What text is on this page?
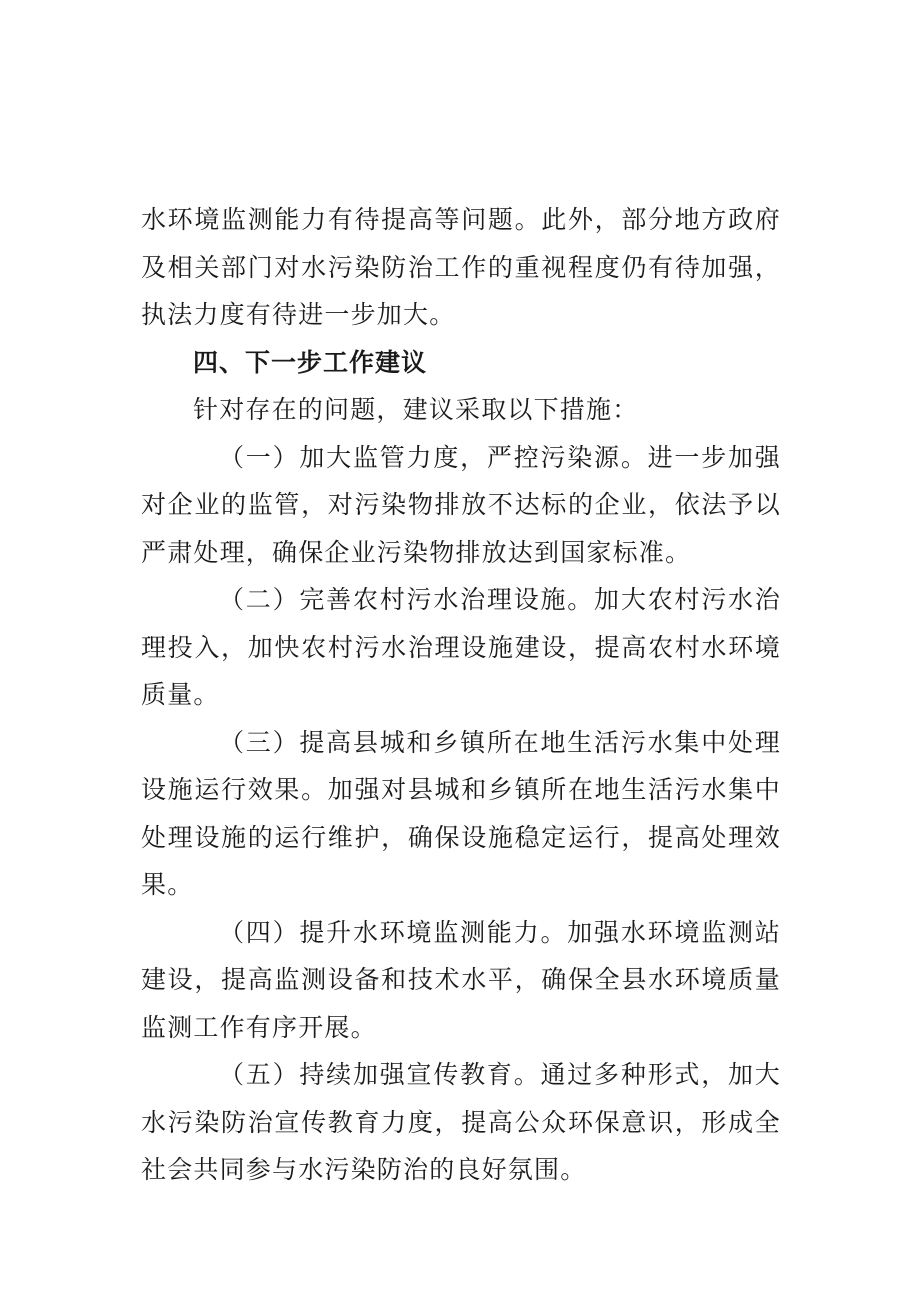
水环境监测能力有待提高等问题。此外，部分地方政府及相关部门对水污染防治工作的重视程度仍有待加强，执法力度有待进一步加大。

四、下一步工作建议

针对存在的问题，建议采取以下措施：

（一）加大监管力度，严控污染源。进一步加强对企业的监管，对污染物排放不达标的企业，依法予以严肃处理，确保企业污染物排放达到国家标准。

（二）完善农村污水治理设施。加大农村污水治理投入，加快农村污水治理设施建设，提高农村水环境质量。

（三）提高县城和乡镇所在地生活污水集中处理设施运行效果。加强对县城和乡镇所在地生活污水集中处理设施的运行维护，确保设施稳定运行，提高处理效果。

（四）提升水环境监测能力。加强水环境监测站建设，提高监测设备和技术水平，确保全县水环境质量监测工作有序开展。

（五）持续加强宣传教育。通过多种形式，加大水污染防治宣传教育力度，提高公众环保意识，形成全社会共同参与水污染防治的良好氛围。
